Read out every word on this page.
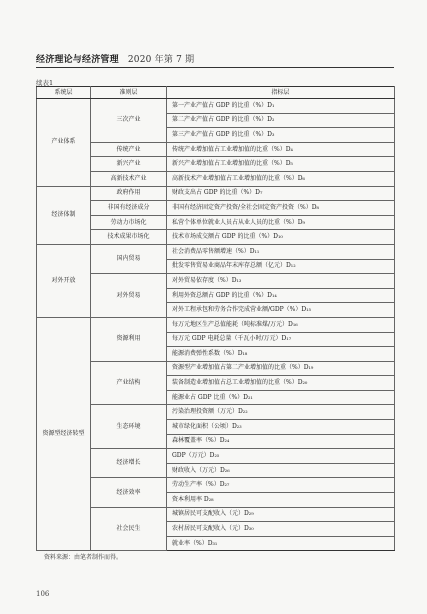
经济理论与经济管理 2020 年第 7 期
续表1
系统层	准则层	指标层
产业体系	三次产业	第一产业产值占 GDP 的比重（%）D₁
		第二产业产值占 GDP 的比重（%）D₂
		第三产业产值占 GDP 的比重（%）D₃
	传统产业	传统产业增加值占工业增加值的比重（%）D₄
	新兴产业	新兴产业增加值占工业增加值的比重（%）D₅
	高新技术产业	高新技术产业增加值占工业增加值的比重（%）D₆
经济体制	政府作用	财政支出占 GDP 的比重（%）D₇
	非国有经济成分	非国有经济固定资产投资/全社会固定资产投资（%）D₈
	劳动力市场化	私营个体单位就业人员占从业人员的比重（%）D₉
	技术成果市场化	技术市场成交额占 GDP 的比重（%）D₁₀
对外开放	国内贸易	社会消费品零售额增速（%）D₁₁
		批发零售贸易业商品年末库存总额（亿元）D₁₂
	对外贸易	对外贸易依存度（%）D₁₃
		利用外资总额占 GDP 的比重（%）D₁₄
		对外工程承包和劳务合作完成营业额/GDP（%）D₁₅
资源型经济转型	资源利用	每万元地区生产总值能耗（吨标准煤/万元）D₁₆
		每万元 GDP 电耗总量（千瓦小时/万元）D₁₇
		能源消费弹性系数（%）D₁₈
	产业结构	资源型产业增加值占第二产业增加值的比重（%）D₁₉
		装备制造业增加值占总工业增加值的比重（%）D₂₀
		能源业占 GDP 比重（%）D₂₁
	生态环境	污染治理投资额（万元）D₂₂
		城市绿化面积（公顷）D₂₃
		森林覆盖率（%）D₂₄
	经济增长	GDP（万元）D₂₅
		财政收入（万元）D₂₆
	经济效率	劳动生产率（%）D₂₇
		资本利用率 D₂₈
	社会民生	城镇居民可支配收入（元）D₂₉
		农村居民可支配收入（元）D₃₀
		就业率（%）D₃₁
资料来源：由笔者制作而得。
106
